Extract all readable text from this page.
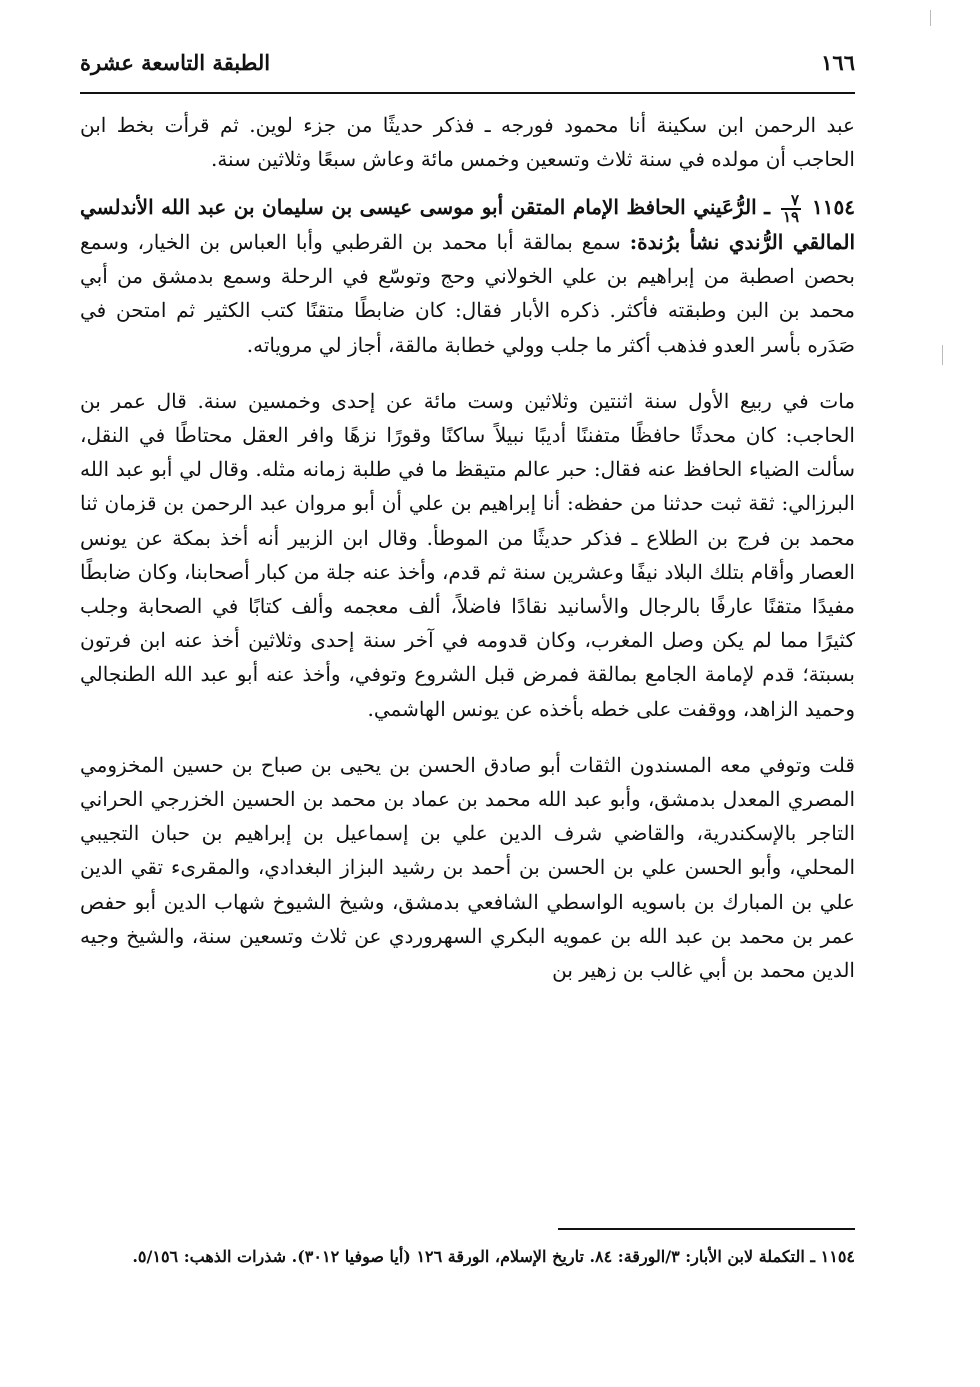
١٦٦
الطبقة التاسعة عشرة

عبد الرحمن ابن سكينة أنا محمود فورجه ـ فذكر حديثًا من جزء لوين. ثم قرأت بخط ابن الحاجب أن مولده في سنة ثلاث وتسعين وخمس مائة وعاش سبعًا وثلاثين سنة.

١١٥٤
$\frac{٧}{١٩}$
ـ الرُّعَيني الحافظ الإمام المتقن أبو موسى عيسى بن سليمان بن عبد الله الأندلسي المالقي الرُّندي نشأ برُندة: سمع بمالقة أبا محمد بن القرطبي وأبا العباس بن الخيار، وسمع بحصن اصطبة من إبراهيم بن علي الخولاني وحج وتوسّع في الرحلة وسمع بدمشق من أبي محمد بن البن وطبقته فأكثر. ذكره الأبار فقال: كان ضابطًا متقنًا كتب الكثير ثم امتحن في صَدَره بأسر العدو فذهب أكثر ما جلب وولي خطابة مالقة، أجاز لي مروياته.

مات في ربيع الأول سنة اثنتين وثلاثين وست مائة عن إحدى وخمسين سنة. قال عمر بن الحاجب: كان محدثًا حافظًا متفننًا أديبًا نبيلاً ساكنًا وقورًا نزهًا وافر العقل محتاطًا في النقل، سألت الضياء الحافظ عنه فقال: حبر عالم متيقظ ما في طلبة زمانه مثله. وقال لي أبو عبد الله البرزالي: ثقة ثبت حدثنا من حفظه: أنا إبراهيم بن علي أن أبو مروان عبد الرحمن بن قزمان ثنا محمد بن فرج بن الطلاع ـ فذكر حديثًا من الموطأ. وقال ابن الزبير أنه أخذ بمكة عن يونس العصار وأقام بتلك البلاد نيفًا وعشرين سنة ثم قدم، وأخذ عنه جلة من كبار أصحابنا، وكان ضابطًا مفيدًا متقنًا عارفًا بالرجال والأسانيد نقادًا فاضلاً، ألف معجمه وألف كتابًا في الصحابة وجلب كثيرًا مما لم يكن وصل المغرب، وكان قدومه في آخر سنة إحدى وثلاثين أخذ عنه ابن فرتون بسبتة؛ قدم لإمامة الجامع بمالقة فمرض قبل الشروع وتوفي، وأخذ عنه أبو عبد الله الطنجالي وحميد الزاهد، ووقفت على خطه بأخذه عن يونس الهاشمي.

قلت وتوفي معه المسندون الثقات أبو صادق الحسن بن يحيى بن صباح بن حسين المخزومي المصري المعدل بدمشق، وأبو عبد الله محمد بن عماد بن محمد بن الحسين الخزرجي الحراني التاجر بالإسكندرية، والقاضي شرف الدين علي بن إسماعيل بن إبراهيم بن حبان التجيبي المحلي، وأبو الحسن علي بن الحسن بن أحمد بن رشيد البزاز البغدادي، والمقرىء تقي الدين علي بن المبارك بن باسويه الواسطي الشافعي بدمشق، وشيخ الشيوخ شهاب الدين أبو حفص عمر بن محمد بن عبد الله بن عمويه البكري السهروردي عن ثلاث وتسعين سنة، والشيخ وجيه الدين محمد بن أبي غالب بن زهير بن

١١٥٤ ـ التكملة لابن الأبار: ٣/الورقة: ٨٤. تاريخ الإسلام، الورقة ١٢٦ (أيا صوفيا ٣٠١٢). شذرات الذهب: ٥/١٥٦.
